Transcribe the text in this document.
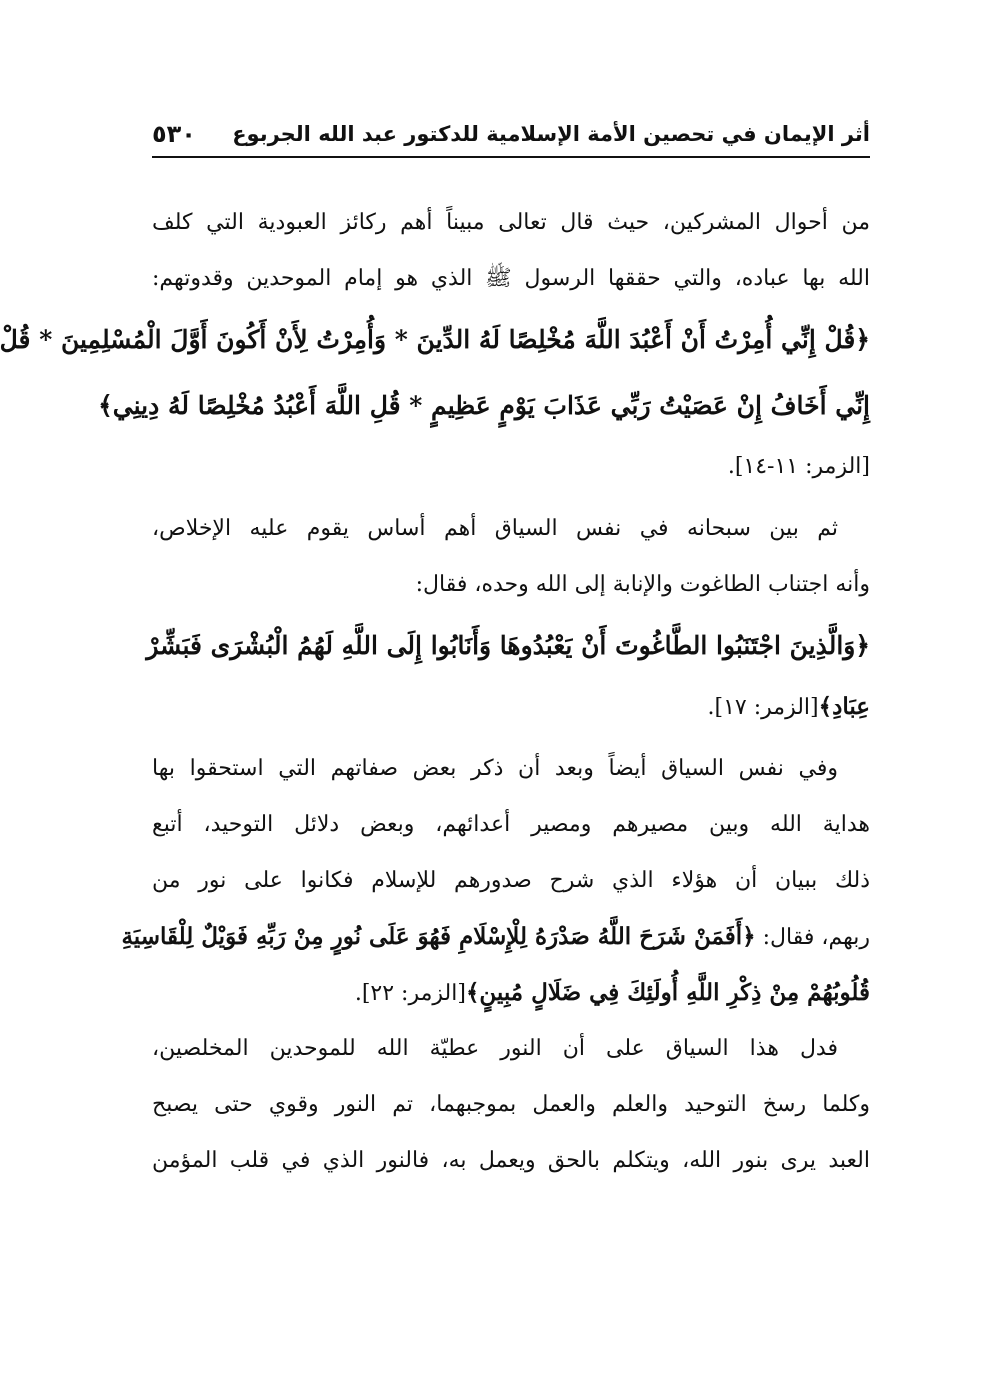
أثر الإيمان في تحصين الأمة الإسلامية للدكتور عبد الله الجربوع
٥٣٠
من أحوال المشركين، حيث قال تعالى مبيناً أهم ركائز العبودية التي كلف
الله بها عباده، والتي حققها الرسول ﷺ الذي هو إمام الموحدين وقدوتهم:
﴿قُلْ إِنِّي أُمِرْتُ أَنْ أَعْبُدَ اللَّهَ مُخْلِصًا لَهُ الدِّينَ * وَأُمِرْتُ لِأَنْ أَكُونَ أَوَّلَ الْمُسْلِمِينَ * قُلْ
إِنِّي أَخَافُ إِنْ عَصَيْتُ رَبِّي عَذَابَ يَوْمٍ عَظِيمٍ * قُلِ اللَّهَ أَعْبُدُ مُخْلِصًا لَهُ دِينِي﴾
[الزمر: ١١-١٤].
ثم بين سبحانه في نفس السياق أهم أساس يقوم عليه الإخلاص،
وأنه اجتناب الطاغوت والإنابة إلى الله وحده، فقال:
﴿وَالَّذِينَ اجْتَنَبُوا الطَّاغُوتَ أَنْ يَعْبُدُوهَا وَأَنَابُوا إِلَى اللَّهِ لَهُمُ الْبُشْرَى فَبَشِّرْ
عِبَادِ﴾[الزمر: ١٧].
وفي نفس السياق أيضاً وبعد أن ذكر بعض صفاتهم التي استحقوا بها
هداية الله وبين مصيرهم ومصير أعدائهم، وبعض دلائل التوحيد، أتبع
ذلك ببيان أن هؤلاء الذي شرح صدورهم للإسلام فكانوا على نور من
ربهم، فقال: ﴿أَفَمَنْ شَرَحَ اللَّهُ صَدْرَهُ لِلْإِسْلَامِ فَهُوَ عَلَى نُورٍ مِنْ رَبِّهِ فَوَيْلٌ لِلْقَاسِيَةِ
قُلُوبُهُمْ مِنْ ذِكْرِ اللَّهِ أُولَئِكَ فِي ضَلَالٍ مُبِينٍ﴾[الزمر: ٢٢].
فدل هذا السياق على أن النور عطيّة الله للموحدين المخلصين،
وكلما رسخ التوحيد والعلم والعمل بموجبهما، تم النور وقوي حتى يصبح
العبد يرى بنور الله، ويتكلم بالحق ويعمل به، فالنور الذي في قلب المؤمن
